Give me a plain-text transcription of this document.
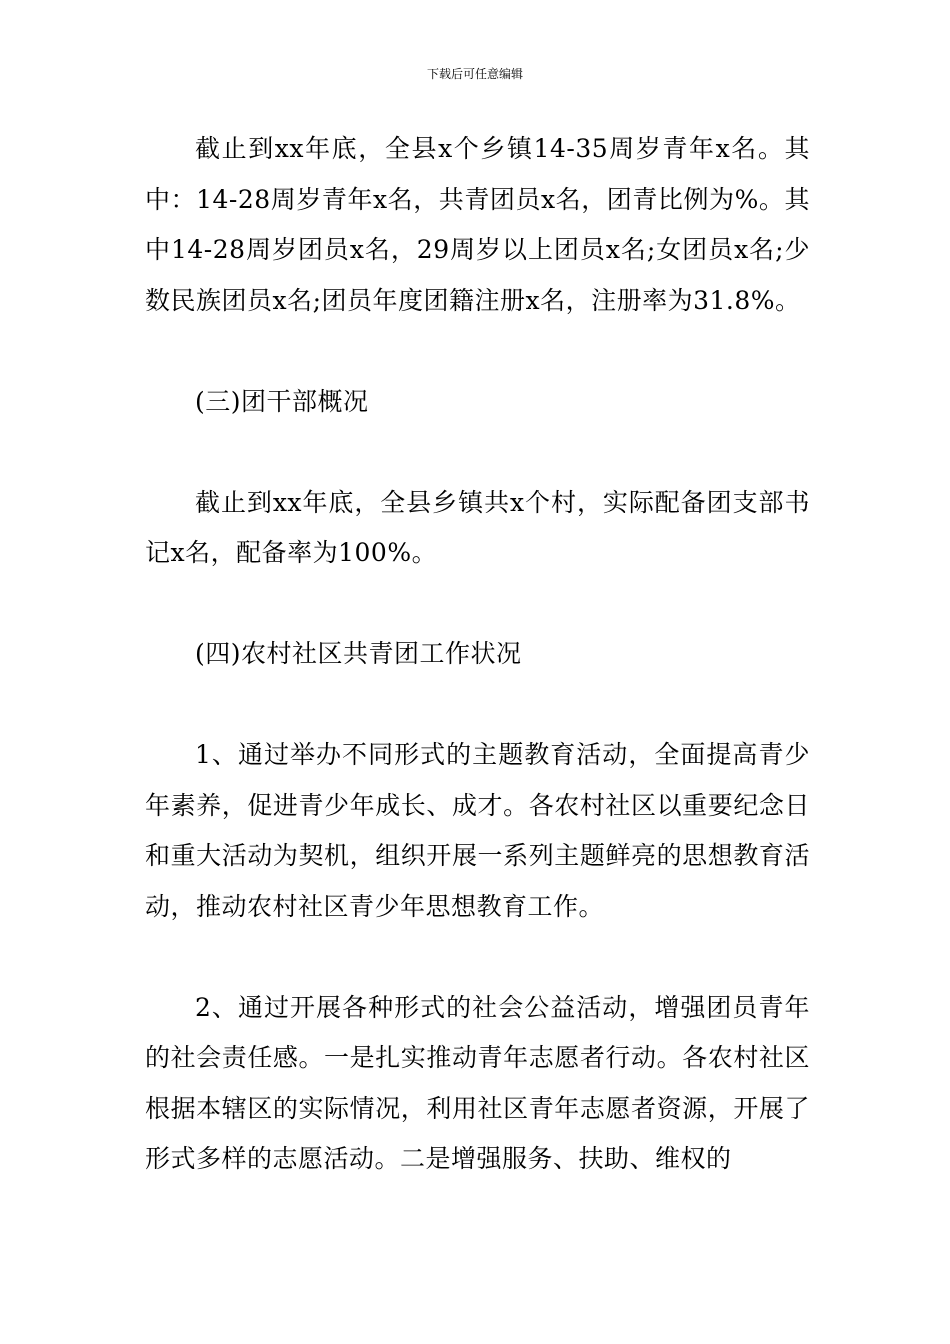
下载后可任意编辑

截止到xx年底，全县x个乡镇14-35周岁青年x名。其中：14-28周岁青年x名，共青团员x名，团青比例为%。其中14-28周岁团员x名，29周岁以上团员x名;女团员x名;少数民族团员x名;团员年度团籍注册x名，注册率为31.8%。

(三)团干部概况

截止到xx年底，全县乡镇共x个村，实际配备团支部书记x名，配备率为100%。

(四)农村社区共青团工作状况

1、通过举办不同形式的主题教育活动，全面提高青少年素养，促进青少年成长、成才。各农村社区以重要纪念日和重大活动为契机，组织开展一系列主题鲜亮的思想教育活动，推动农村社区青少年思想教育工作。

2、通过开展各种形式的社会公益活动，增强团员青年的社会责任感。一是扎实推动青年志愿者行动。各农村社区根据本辖区的实际情况，利用社区青年志愿者资源，开展了形式多样的志愿活动。二是增强服务、扶助、维权的
